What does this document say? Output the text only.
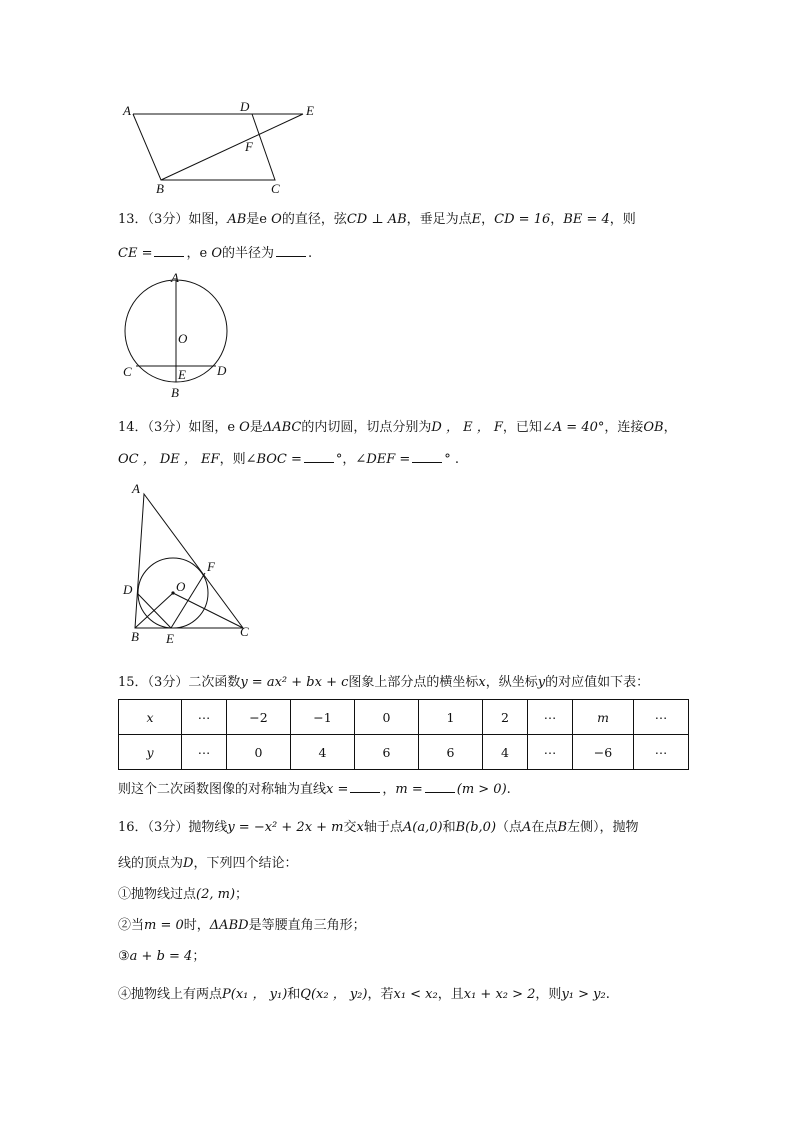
A	D	E
F
B	C
13．（3分）如图，AB是e O的直径，弦CD ⊥ AB，垂足为点E，CD = 16，BE = 4，则
CE =	，e O的半径为	.
A
O
C	E D
B
14．（3分）如图，e O是ΔABC的内切圆，切点分别为D ， E ， F，已知∠A = 40°，连接OB，
OC ， DE ， EF，则∠BOC =	°，∠DEF =	° .
A
F
O
D
B E	C
15．（3分）二次函数y = ax² + bx + c图象上部分点的横坐标x，纵坐标y的对应值如下表：
x	⋯	−2	−1	0	1	2	⋯	m	⋯
y	⋯	0	4	6	6	4	⋯	−6	⋯
则这个二次函数图像的对称轴为直线x =	，m =	(m > 0).
16．（3分）抛物线y = −x² + 2x + m交x轴于点A(a,0)和B(b,0)（点A在点B左侧），抛物
线的顶点为D，下列四个结论：
①抛物线过点(2, m)；
②当m = 0时，ΔABD是等腰直角三角形；
③a + b = 4；
④抛物线上有两点P(x₁ ， y₁)和Q(x₂ ， y₂)，若x₁ < x₂，且x₁ + x₂ > 2，则y₁ > y₂.
